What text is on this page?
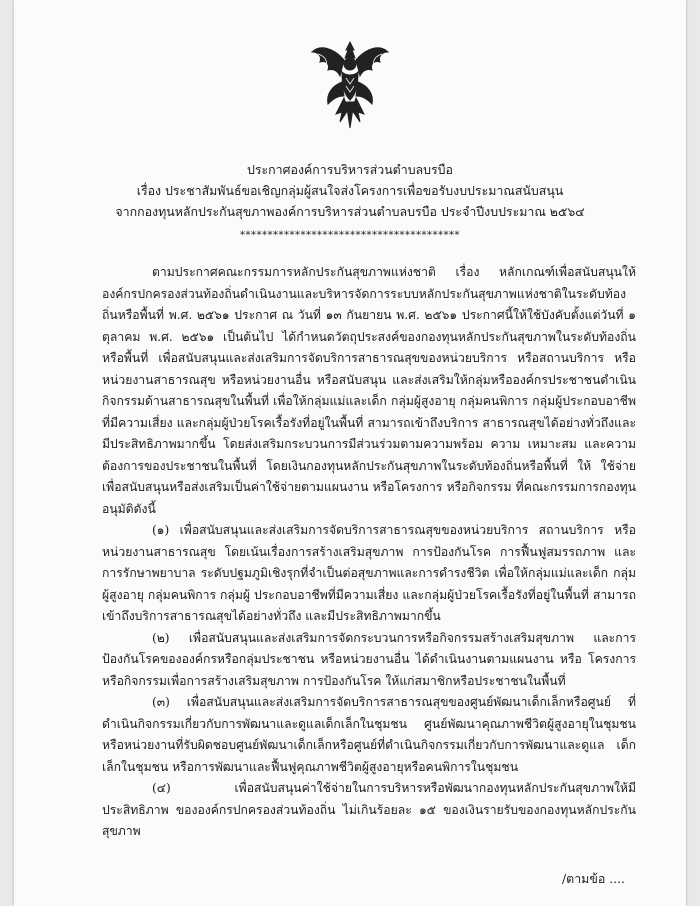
ประกาศองค์การบริหารส่วนตำบลบรบือ
เรื่อง ประชาสัมพันธ์ขอเชิญกลุ่มผู้สนใจส่งโครงการเพื่อขอรับงบประมาณสนับสนุน
จากกองทุนหลักประกันสุขภาพองค์การบริหารส่วนตำบลบรบือ ประจำปีงบประมาณ ๒๕๖๔
****************************************

ตามประกาศคณะกรรมการหลักประกันสุขภาพแห่งชาติ เรื่อง หลักเกณฑ์เพื่อสนับสนุนให้องค์กรปกครองส่วนท้องถิ่นดำเนินงานและบริหารจัดการระบบหลักประกันสุขภาพแห่งชาติในระดับท้องถิ่นหรือพื้นที่ พ.ศ. ๒๕๖๑ ประกาศ ณ วันที่ ๑๓ กันยายน พ.ศ. ๒๕๖๑ ประกาศนี้ให้ใช้บังคับตั้งแต่วันที่ ๑ ตุลาคม พ.ศ. ๒๕๖๑ เป็นต้นไป ได้กำหนดวัตถุประสงค์ของกองทุนหลักประกันสุขภาพในระดับท้องถิ่นหรือพื้นที่ เพื่อสนับสนุนและส่งเสริมการจัดบริการสาธารณสุขของหน่วยบริการ หรือสถานบริการ หรือหน่วยงานสาธารณสุข หรือหน่วยงานอื่น หรือสนับสนุน และส่งเสริมให้กลุ่มหรือองค์กรประชาชนดำเนินกิจกรรมด้านสาธารณสุขในพื้นที่ เพื่อให้กลุ่มแม่และเด็ก กลุ่มผู้สูงอายุ กลุ่มคนพิการ กลุ่มผู้ประกอบอาชีพที่มีความเสี่ยง และกลุ่มผู้ป่วยโรคเรื้อรังที่อยู่ในพื้นที่ สามารถเข้าถึงบริการ สาธารณสุขได้อย่างทั่วถึงและมีประสิทธิภาพมากขึ้น โดยส่งเสริมกระบวนการมีส่วนร่วมตามความพร้อม ความ เหมาะสม และความต้องการของประชาชนในพื้นที่ โดยเงินกองทุนหลักประกันสุขภาพในระดับท้องถิ่นหรือพื้นที่ ให้ ใช้จ่ายเพื่อสนับสนุนหรือส่งเสริมเป็นค่าใช้จ่ายตามแผนงาน หรือโครงการ หรือกิจกรรม ที่คณะกรรมการกองทุน อนุมัติดังนี้

(๑) เพื่อสนับสนุนและส่งเสริมการจัดบริการสาธารณสุขของหน่วยบริการ สถานบริการ หรือหน่วยงานสาธารณสุข โดยเน้นเรื่องการสร้างเสริมสุขภาพ การป้องกันโรค การฟื้นฟูสมรรถภาพ และการรักษาพยาบาล ระดับปฐมภูมิเชิงรุกที่จำเป็นต่อสุขภาพและการดำรงชีวิต เพื่อให้กลุ่มแม่และเด็ก กลุ่มผู้สูงอายุ กลุ่มคนพิการ กลุ่มผู้ ประกอบอาชีพที่มีความเสี่ยง และกลุ่มผู้ป่วยโรคเรื้อรังที่อยู่ในพื้นที่ สามารถเข้าถึงบริการสาธารณสุขได้อย่างทั่วถึง และมีประสิทธิภาพมากขึ้น

(๒) เพื่อสนับสนุนและส่งเสริมการจัดกระบวนการหรือกิจกรรมสร้างเสริมสุขภาพ และการป้องกันโรคขององค์กรหรือกลุ่มประชาชน หรือหน่วยงานอื่น ได้ดำเนินงานตามแผนงาน หรือ โครงการ หรือกิจกรรมเพื่อการสร้างเสริมสุขภาพ การป้องกันโรค ให้แก่สมาชิกหรือประชาชนในพื้นที่

(๓) เพื่อสนับสนุนและส่งเสริมการจัดบริการสาธารณสุขของศูนย์พัฒนาเด็กเล็กหรือศูนย์ ที่ดำเนินกิจกรรมเกี่ยวกับการพัฒนาและดูแลเด็กเล็กในชุมชน ศูนย์พัฒนาคุณภาพชีวิตผู้สูงอายุในชุมชน หรือหน่วยงานที่รับผิดชอบศูนย์พัฒนาเด็กเล็กหรือศูนย์ที่ดำเนินกิจกรรมเกี่ยวกับการพัฒนาและดูแล เด็กเล็กในชุมชน หรือการพัฒนาและฟื้นฟูคุณภาพชีวิตผู้สูงอายุหรือคนพิการในชุมชน

(๔) เพื่อสนับสนุนค่าใช้จ่ายในการบริหารหรือพัฒนากองทุนหลักประกันสุขภาพให้มีประสิทธิภาพ ขององค์กรปกครองส่วนท้องถิ่น ไม่เกินร้อยละ ๑๕ ของเงินรายรับของกองทุนหลักประกันสุขภาพ

/ตามข้อ ....
